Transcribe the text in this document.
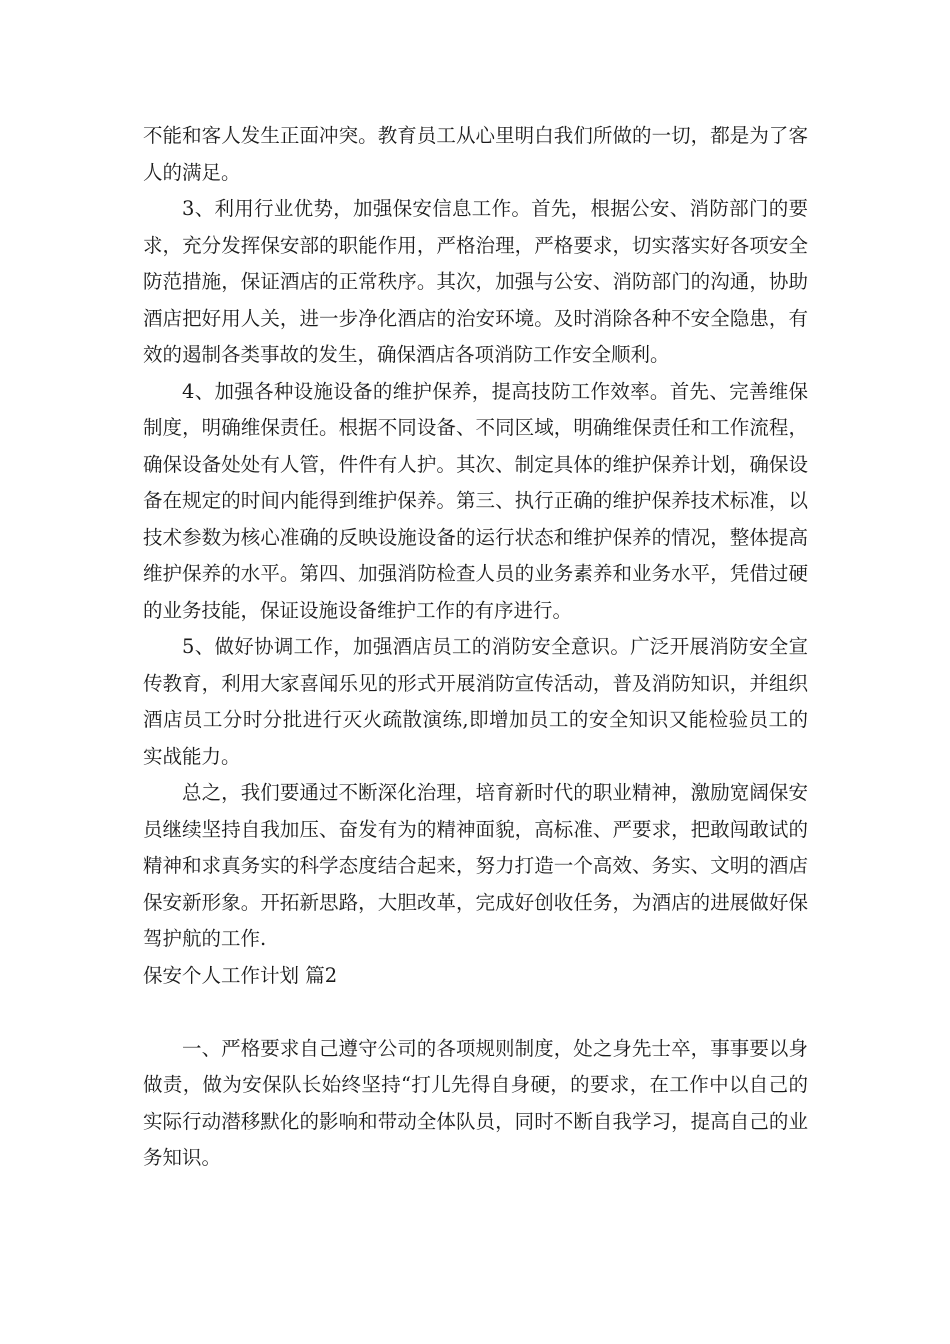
不能和客人发生正面冲突。教育员工从心里明白我们所做的一切，都是为了客人的满足。

3、利用行业优势，加强保安信息工作。首先，根据公安、消防部门的要求，充分发挥保安部的职能作用，严格治理，严格要求，切实落实好各项安全防范措施，保证酒店的正常秩序。其次，加强与公安、消防部门的沟通，协助酒店把好用人关，进一步净化酒店的治安环境。及时消除各种不安全隐患，有效的遏制各类事故的发生，确保酒店各项消防工作安全顺利。

4、加强各种设施设备的维护保养，提高技防工作效率。首先、完善维保制度，明确维保责任。根据不同设备、不同区域，明确维保责任和工作流程，确保设备处处有人管，件件有人护。其次、制定具体的维护保养计划，确保设备在规定的时间内能得到维护保养。第三、执行正确的维护保养技术标准，以技术参数为核心准确的反映设施设备的运行状态和维护保养的情况，整体提高维护保养的水平。第四、加强消防检查人员的业务素养和业务水平，凭借过硬的业务技能，保证设施设备维护工作的有序进行。

5、做好协调工作，加强酒店员工的消防安全意识。广泛开展消防安全宣传教育，利用大家喜闻乐见的形式开展消防宣传活动，普及消防知识，并组织酒店员工分时分批进行灭火疏散演练,即增加员工的安全知识又能检验员工的实战能力。

总之，我们要通过不断深化治理，培育新时代的职业精神，激励宽阔保安员继续坚持自我加压、奋发有为的精神面貌，高标准、严要求，把敢闯敢试的精神和求真务实的科学态度结合起来，努力打造一个高效、务实、文明的酒店保安新形象。开拓新思路，大胆改革，完成好创收任务，为酒店的进展做好保驾护航的工作.

保安个人工作计划 篇2

一、严格要求自己遵守公司的各项规则制度，处之身先士卒，事事要以身做责，做为安保队长始终坚持“打儿先得自身硬，的要求，在工作中以自己的实际行动潜移默化的影响和带动全体队员，同时不断自我学习，提高自己的业务知识。
